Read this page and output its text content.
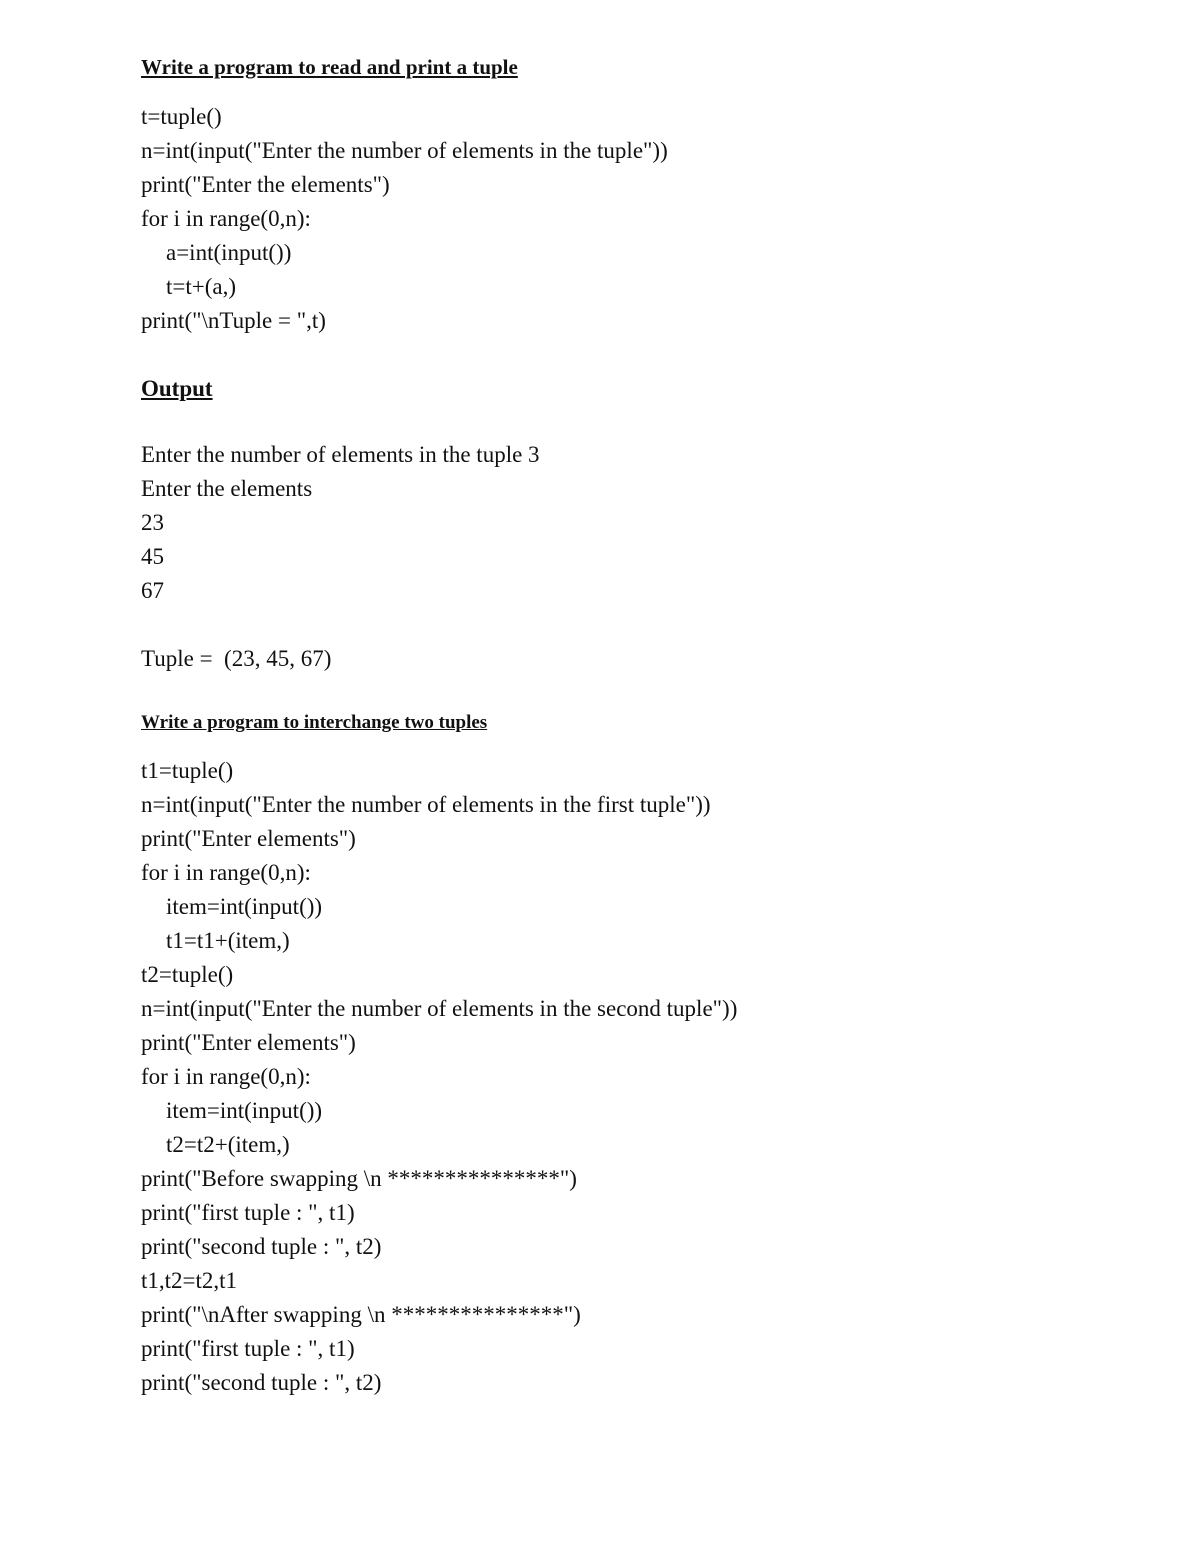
Write a program to read and print a tuple

t=tuple()

n=int(input("Enter the number of elements in the tuple"))

print("Enter the elements")

for i in range(0,n):

a=int(input())

t=t+(a,)

print("\nTuple = ",t)

Output

Enter the number of elements in the tuple 3

Enter the elements

23

45

67

Tuple =  (23, 45, 67)

Write a program to interchange two tuples

t1=tuple()

n=int(input("Enter the number of elements in the first tuple"))

print("Enter elements")

for i in range(0,n):

item=int(input())

t1=t1+(item,)

t2=tuple()

n=int(input("Enter the number of elements in the second tuple"))

print("Enter elements")

for i in range(0,n):

item=int(input())

t2=t2+(item,)

print("Before swapping \n ***************")

print("first tuple : ", t1)

print("second tuple : ", t2)

t1,t2=t2,t1

print("\nAfter swapping \n ***************")

print("first tuple : ", t1)

print("second tuple : ", t2)
